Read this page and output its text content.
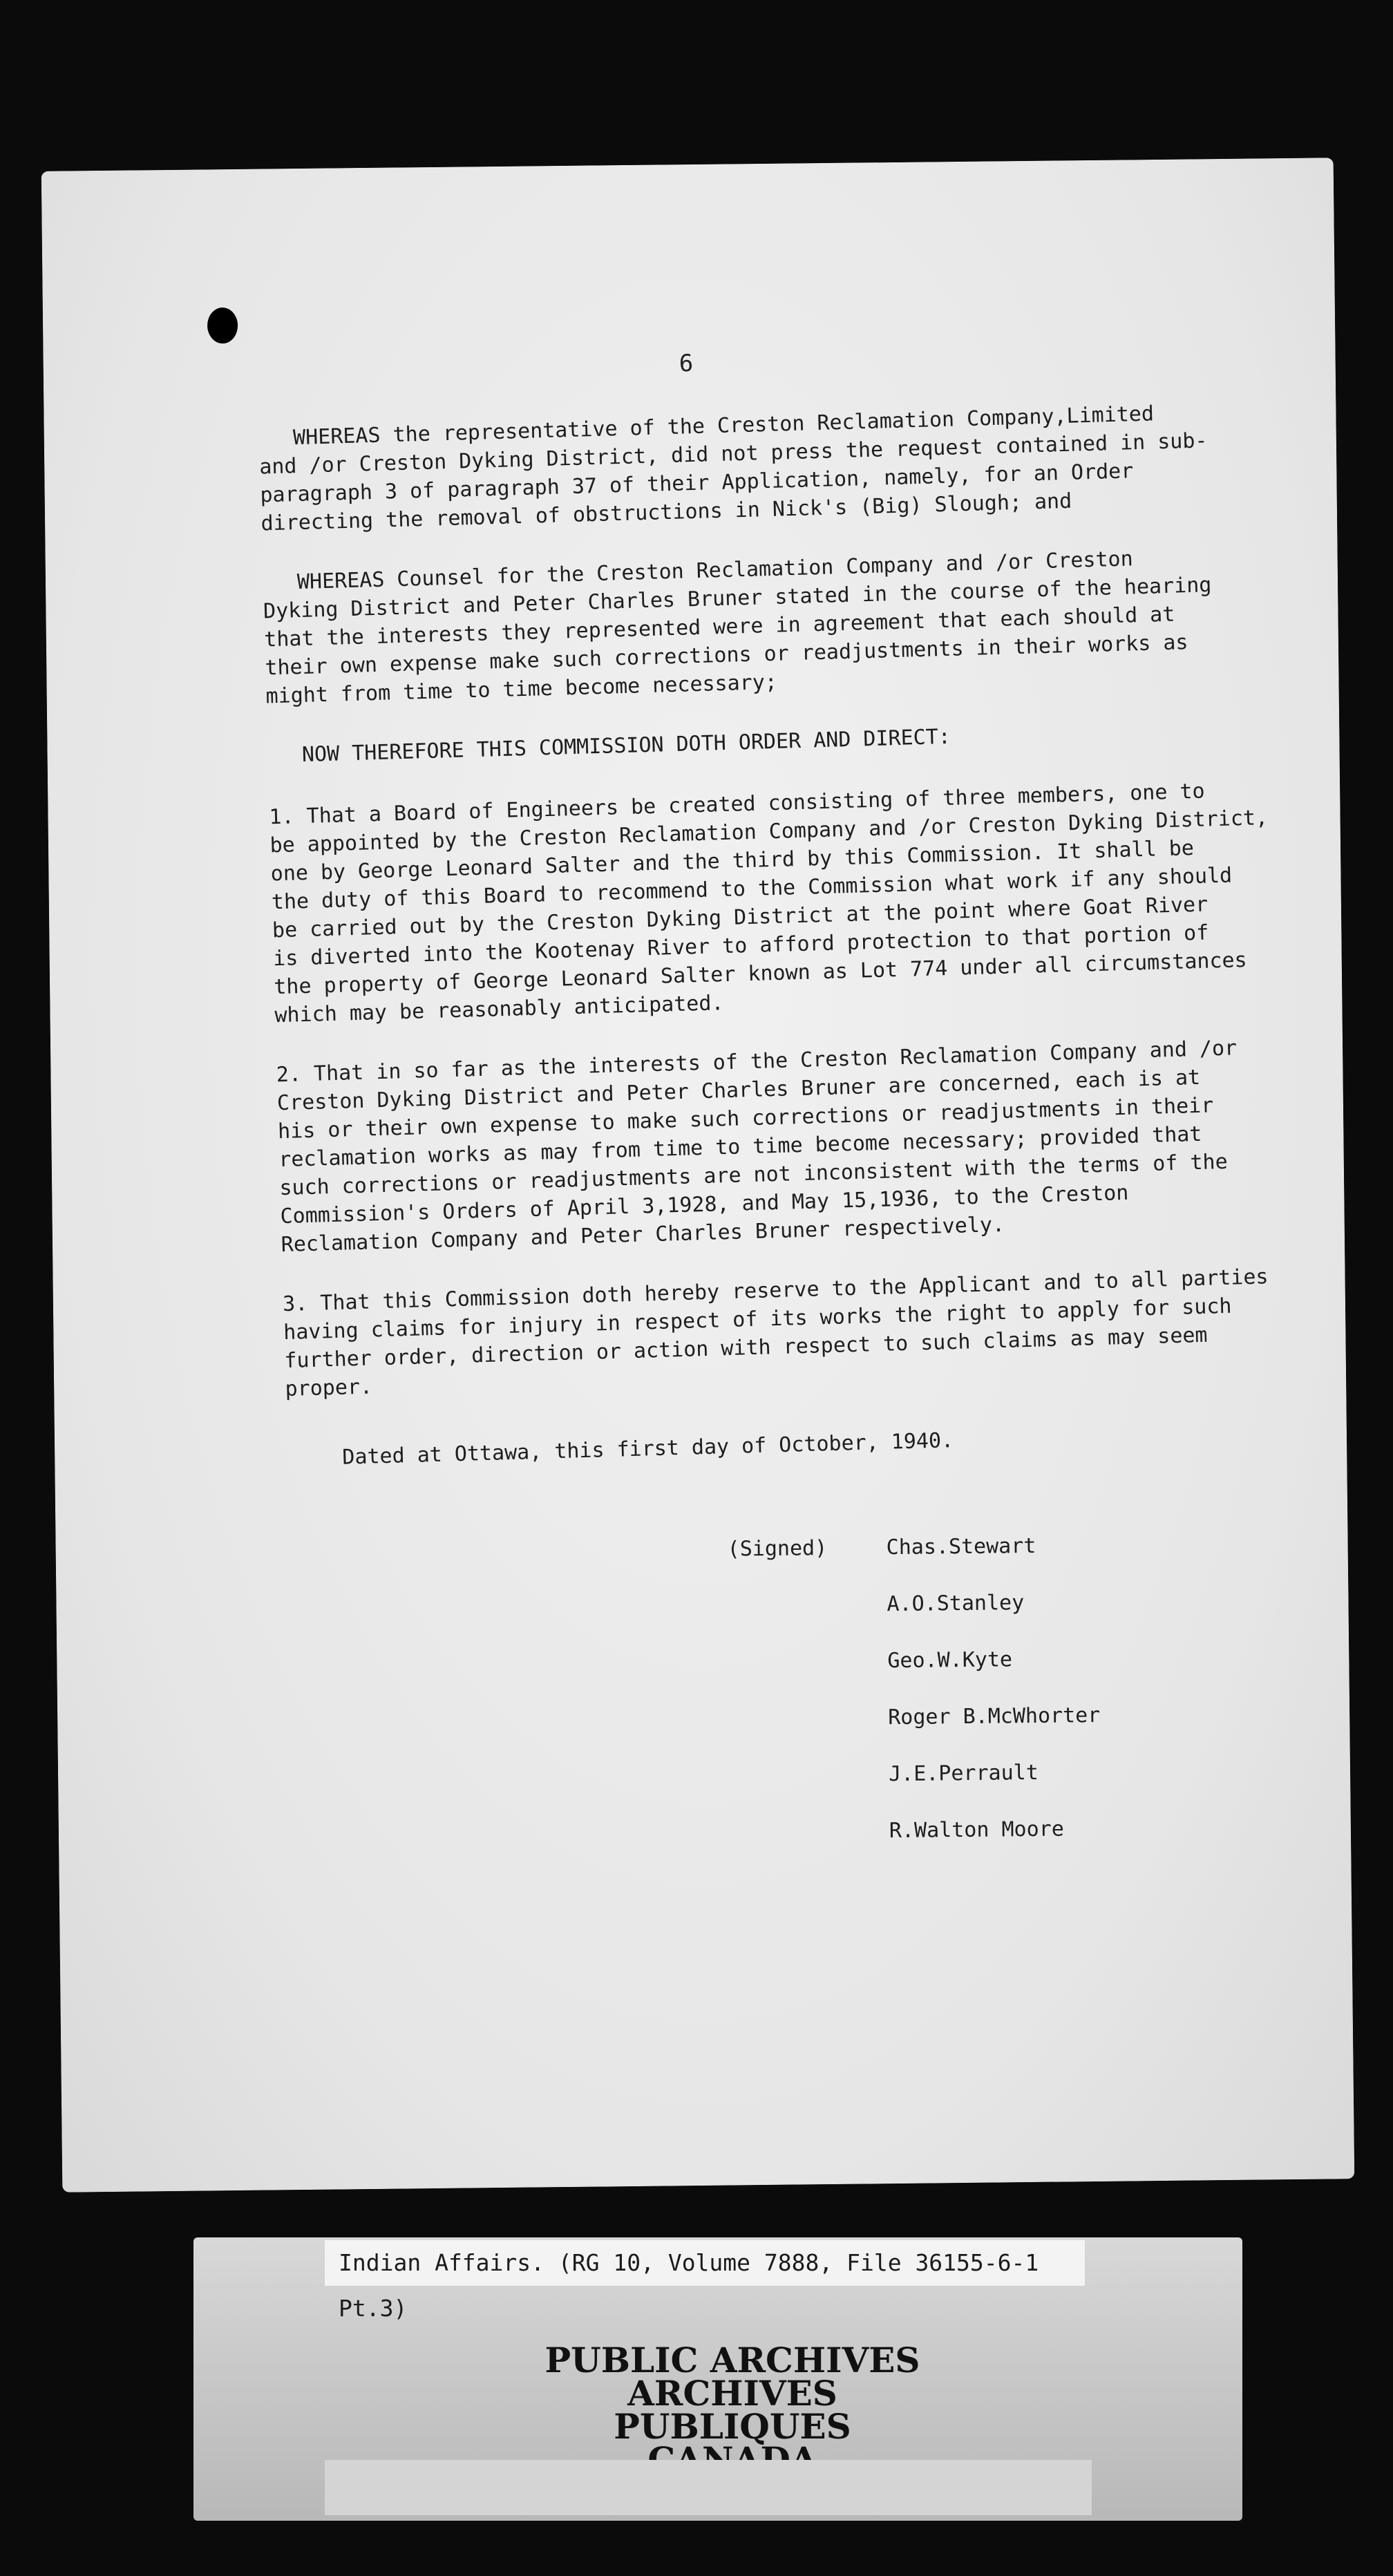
6

WHEREAS the representative of the Creston Reclamation Company,Limited
and /or Creston Dyking District, did not press the request contained in sub-
paragraph 3 of paragraph 37 of their Application, namely, for an Order
directing the removal of obstructions in Nick's (Big) Slough; and

WHEREAS Counsel for the Creston Reclamation Company and /or Creston
Dyking District and Peter Charles Bruner stated in the course of the hearing
that the interests they represented were in agreement that each should at
their own expense make such corrections or readjustments in their works as
might from time to time become necessary;

NOW THEREFORE THIS COMMISSION DOTH ORDER AND DIRECT:

1. That a Board of Engineers be created consisting of three members, one to
be appointed by the Creston Reclamation Company and /or Creston Dyking District,
one by George Leonard Salter and the third by this Commission. It shall be
the duty of this Board to recommend to the Commission what work if any should
be carried out by the Creston Dyking District at the point where Goat River
is diverted into the Kootenay River to afford protection to that portion of
the property of George Leonard Salter known as Lot 774 under all circumstances
which may be reasonably anticipated.

2. That in so far as the interests of the Creston Reclamation Company and /or
Creston Dyking District and Peter Charles Bruner are concerned, each is at
his or their own expense to make such corrections or readjustments in their
reclamation works as may from time to time become necessary; provided that
such corrections or readjustments are not inconsistent with the terms of the
Commission's Orders of April 3,1928, and May 15,1936, to the Creston
Reclamation Company and Peter Charles Bruner respectively.

3. That this Commission doth hereby reserve to the Applicant and to all parties
having claims for injury in respect of its works the right to apply for such
further order, direction or action with respect to such claims as may seem
proper.

Dated at Ottawa, this first day of October, 1940.

(Signed)	Chas.Stewart
A.O.Stanley
Geo.W.Kyte
Roger B.McWhorter
J.E.Perrault
R.Walton Moore
Indian Affairs. (RG 10, Volume 7888, File 36155-6-1 Pt.3)
PUBLIC ARCHIVES
ARCHIVES PUBLIQUES
